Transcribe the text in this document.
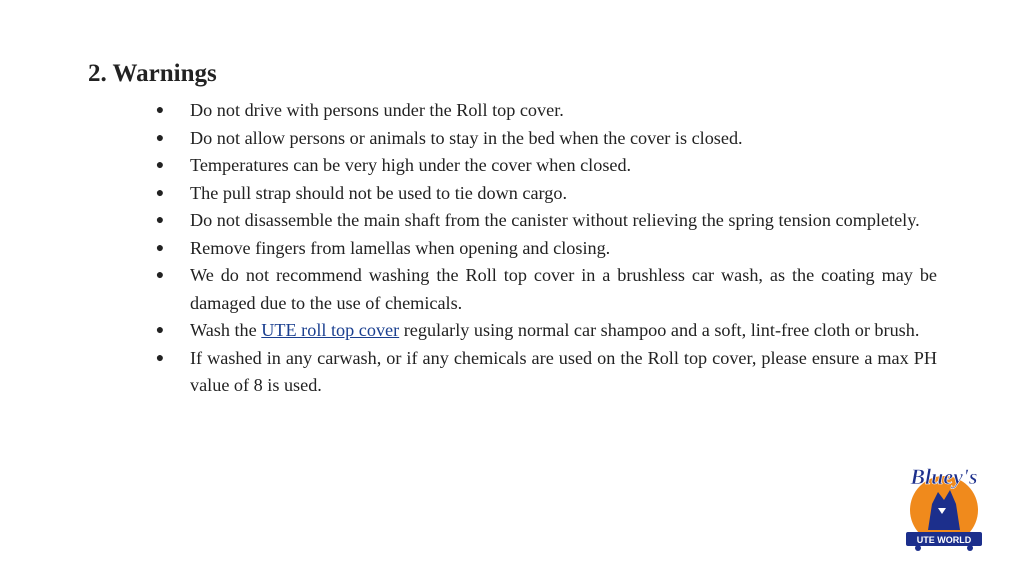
2. Warnings
● Do not drive with persons under the Roll top cover.
● Do not allow persons or animals to stay in the bed when the cover is closed.
● Temperatures can be very high under the cover when closed.
● The pull strap should not be used to tie down cargo.
● Do not disassemble the main shaft from the canister without relieving the spring tension completely.
● Remove fingers from lamellas when opening and closing.
● We do not recommend washing the Roll top cover in a brushless car wash, as the coating may be damaged due to the use of chemicals.
● Wash the UTE roll top cover regularly using normal car shampoo and a soft, lint-free cloth or brush.
● If washed in any carwash, or if any chemicals are used on the Roll top cover, please ensure a max PH value of 8 is used.
Bluey's
UTE WORLD
